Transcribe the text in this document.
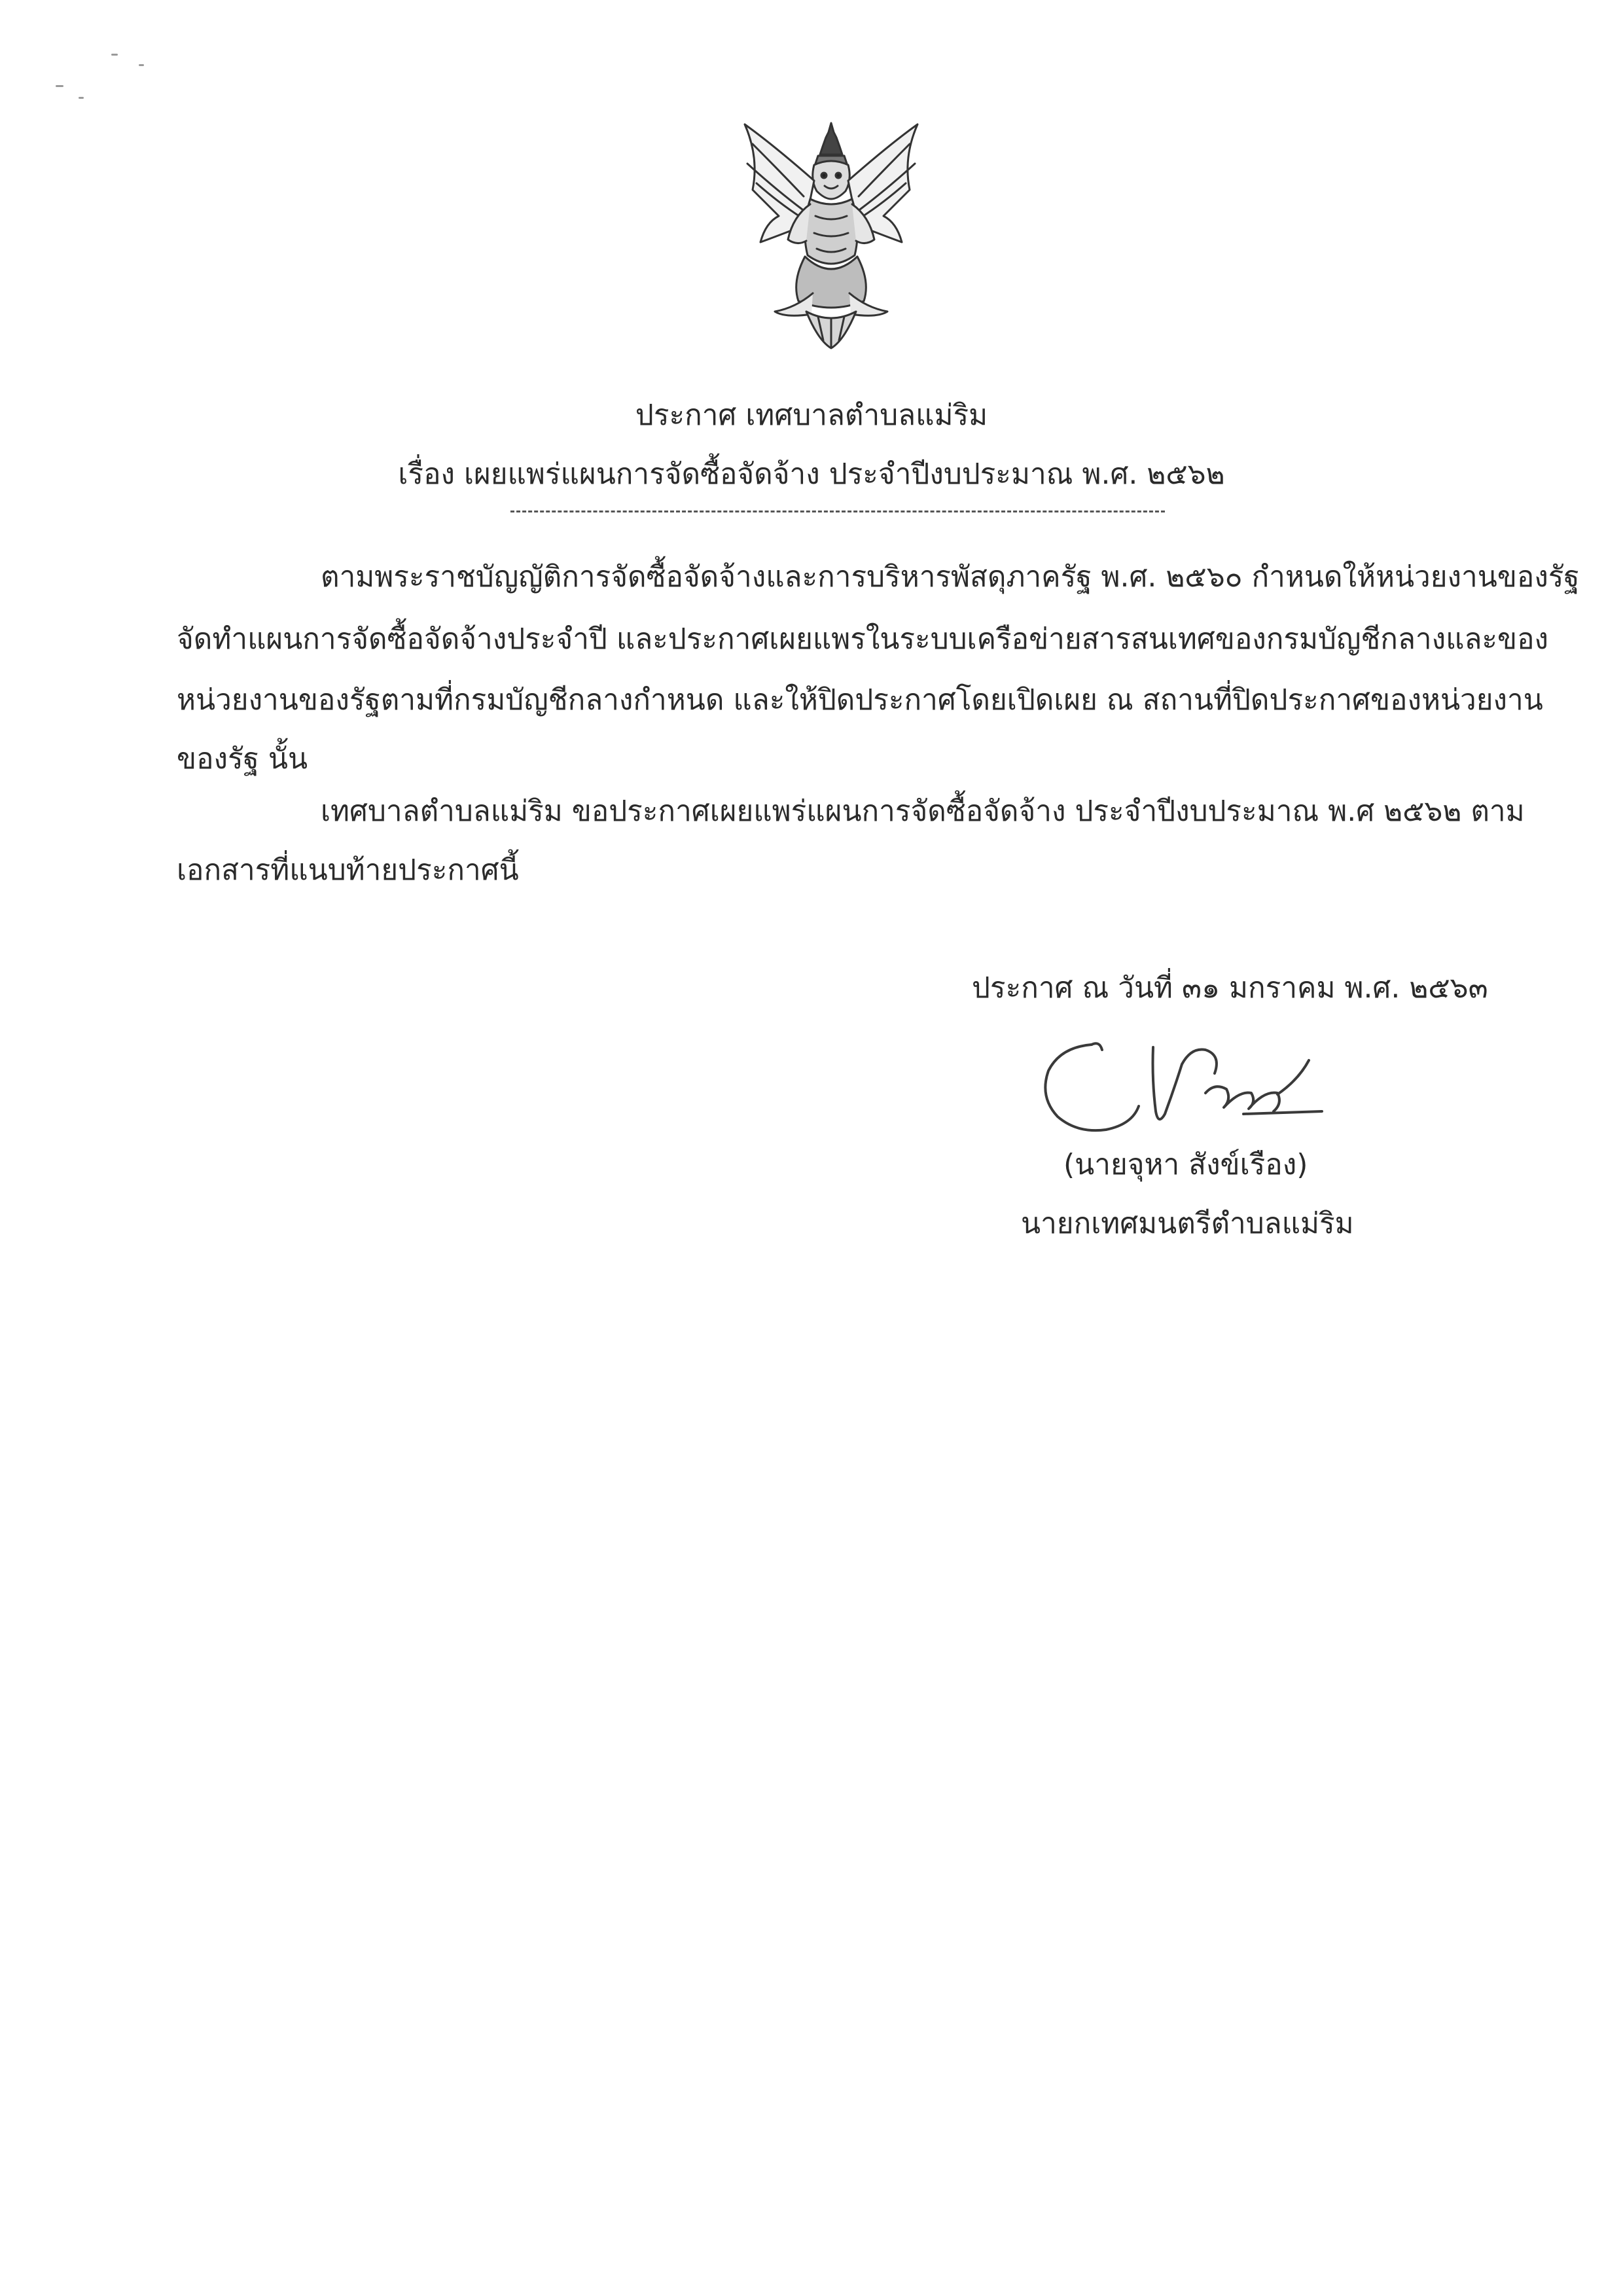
ประกาศ เทศบาลตำบลแม่ริม
เรื่อง เผยแพร่แผนการจัดซื้อจัดจ้าง ประจำปีงบประมาณ พ.ศ. ๒๕๖๒
ตามพระราชบัญญัติการจัดซื้อจัดจ้างและการบริหารพัสดุภาครัฐ พ.ศ. ๒๕๖๐ กำหนดให้หน่วยงานของรัฐ
จัดทำแผนการจัดซื้อจัดจ้างประจำปี และประกาศเผยแพรในระบบเครือข่ายสารสนเทศของกรมบัญชีกลางและของ
หน่วยงานของรัฐตามที่กรมบัญชีกลางกำหนด และให้ปิดประกาศโดยเปิดเผย ณ สถานที่ปิดประกาศของหน่วยงาน
ของรัฐ นั้น
เทศบาลตำบลแม่ริม ขอประกาศเผยแพร่แผนการจัดซื้อจัดจ้าง ประจำปีงบประมาณ พ.ศ ๒๕๖๒ ตาม
เอกสารที่แนบท้ายประกาศนี้
ประกาศ ณ วันที่ ๓๑ มกราคม พ.ศ. ๒๕๖๓
(นายจุหา สังข์เรือง)
นายกเทศมนตรีตำบลแม่ริม
